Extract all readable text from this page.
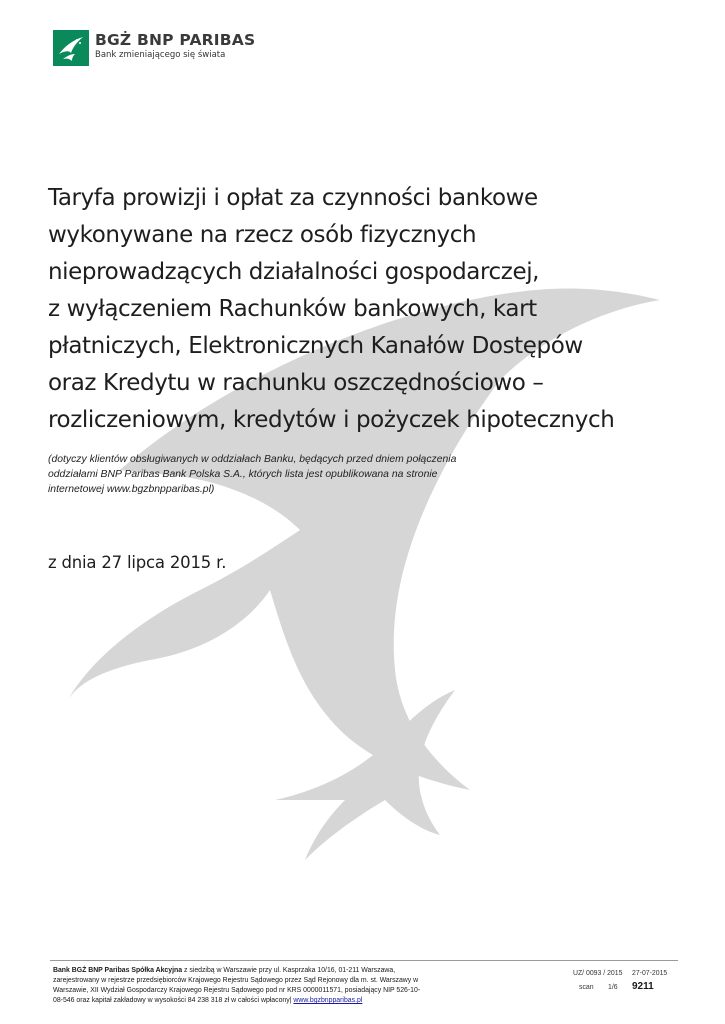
BGŻ BNP PARIBAS
Bank zmieniającego się świata
Taryfa prowizji i opłat za czynności bankowe
wykonywane na rzecz osób fizycznych
nieprowadzących działalności gospodarczej,
z wyłączeniem Rachunków bankowych, kart
płatniczych, Elektronicznych Kanałów Dostępów
oraz Kredytu w rachunku oszczędnościowo –
rozliczeniowym, kredytów i pożyczek hipotecznych
(dotyczy klientów obsługiwanych w oddziałach Banku, będących przed dniem połączenia oddziałami BNP Paribas Bank Polska S.A., których lista jest opublikowana na stronie internetowej www.bgzbnpparibas.pl)
z dnia 27 lipca 2015 r.
Bank BGŻ BNP Paribas Spółka Akcyjna z siedzibą w Warszawie przy ul. Kasprzaka 10/16, 01-211 Warszawa,
zarejestrowany w rejestrze przedsiębiorców Krajowego Rejestru Sądowego przez Sąd Rejonowy dla m. st. Warszawy w
Warszawie, XII Wydział Gospodarczy Krajowego Rejestru Sądowego pod nr KRS 0000011571, posiadający NIP 526-10-
08-546 oraz kapitał zakładowy w wysokości 84 238 318 zł w całości wpłacony| www.bgzbnpparibas.pl
UZ/ 0093 / 2015 27-07-2015
scan 1/6 9211
